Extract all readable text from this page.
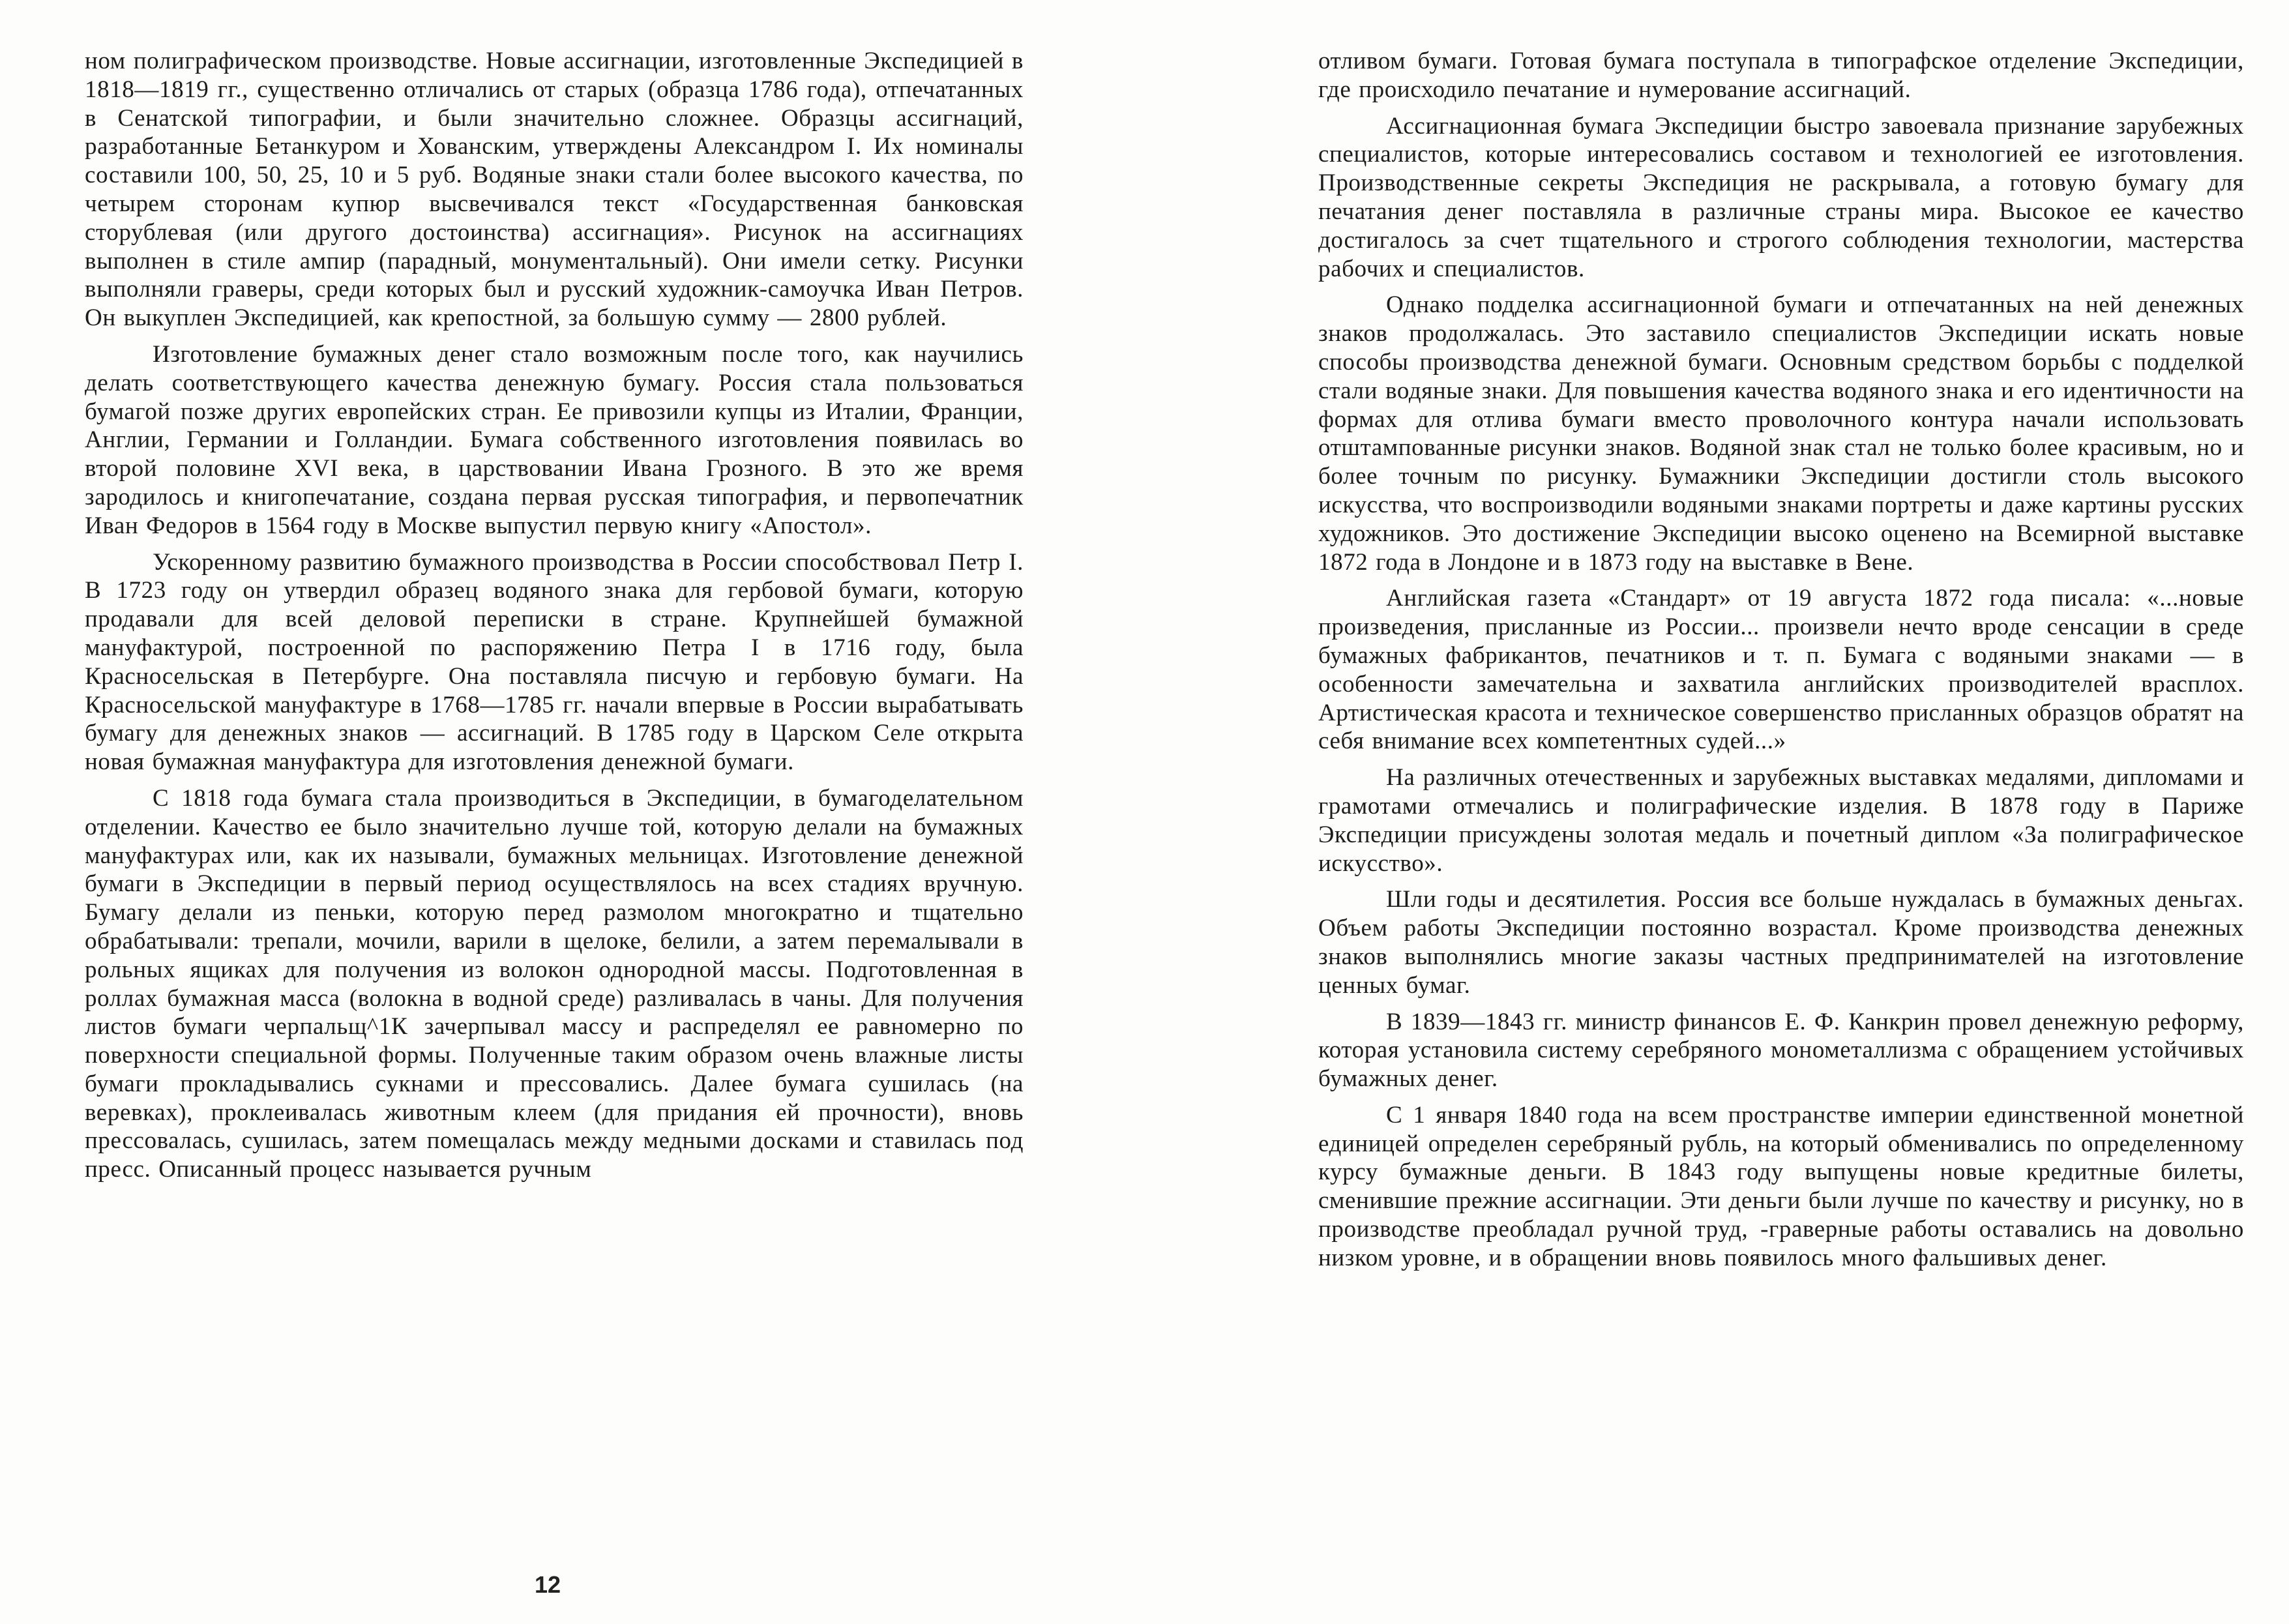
ном полиграфическом производстве. Новые ассигнации, изготовленные Экспедицией в 1818—1819 гг., существенно отличались от старых (образца 1786 года), отпечатанных в Сенатской типографии, и были значительно сложнее. Образцы ассигнаций, разработанные Бетанкуром и Хованским, утверждены Александром I. Их номиналы составили 100, 50, 25, 10 и 5 руб. Водяные знаки стали более высокого качества, по четырем сторонам купюр высвечивался текст «Государственная банковская сторублевая (или другого достоинства) ассигнация». Рисунок на ассигнациях выполнен в стиле ампир (парадный, монументальный). Они имели сетку. Рисунки выполняли граверы, среди которых был и русский художник-самоучка Иван Петров. Он выкуплен Экспедицией, как крепостной, за большую сумму — 2800 рублей.

Изготовление бумажных денег стало возможным после того, как научились делать соответствующего качества денежную бумагу. Россия стала пользоваться бумагой позже других европейских стран. Ее привозили купцы из Италии, Франции, Англии, Германии и Голландии. Бумага собственного изготовления появилась во второй половине XVI века, в царствовании Ивана Грозного. В это же время зародилось и книгопечатание, создана первая русская типография, и первопечатник Иван Федоров в 1564 году в Москве выпустил первую книгу «Апостол».

Ускоренному развитию бумажного производства в России способствовал Петр I. В 1723 году он утвердил образец водяного знака для гербовой бумаги, которую продавали для всей деловой переписки в стране. Крупнейшей бумажной мануфактурой, построенной по распоряжению Петра I в 1716 году, была Красносельская в Петербурге. Она поставляла писчую и гербовую бумаги. На Красносельской мануфактуре в 1768—1785 гг. начали впервые в России вырабатывать бумагу для денежных знаков — ассигнаций. В 1785 году в Царском Селе открыта новая бумажная мануфактура для изготовления денежной бумаги.

С 1818 года бумага стала производиться в Экспедиции, в бумагоделательном отделении. Качество ее было значительно лучше той, которую делали на бумажных мануфактурах или, как их называли, бумажных мельницах. Изготовление денежной бумаги в Экспедиции в первый период осуществлялось на всех стадиях вручную. Бумагу делали из пеньки, которую перед размолом многократно и тщательно обрабатывали: трепали, мочили, варили в щелоке, белили, а затем перемалывали в рольных ящиках для получения из волокон однородной массы. Подготовленная в роллах бумажная масса (волокна в водной среде) разливалась в чаны. Для получения листов бумаги черпальщ^1К зачерпывал массу и распределял ее равномерно по поверхности специальной формы. Полученные таким образом очень влажные листы бумаги прокладывались сукнами и прессовались. Далее бумага сушилась (на веревках), проклеивалась животным клеем (для придания ей прочности), вновь прессовалась, сушилась, затем помещалась между медными досками и ставилась под пресс. Описанный процесс называется ручным

12

отливом бумаги. Готовая бумага поступала в типографское отделение Экспедиции, где происходило печатание и нумерование ассигнаций.

Ассигнационная бумага Экспедиции быстро завоевала признание зарубежных специалистов, которые интересовались составом и технологией ее изготовления. Производственные секреты Экспедиция не раскрывала, а готовую бумагу для печатания денег поставляла в различные страны мира. Высокое ее качество достигалось за счет тщательного и строгого соблюдения технологии, мастерства рабочих и специалистов.

Однако подделка ассигнационной бумаги и отпечатанных на ней денежных знаков продолжалась. Это заставило специалистов Экспедиции искать новые способы производства денежной бумаги. Основным средством борьбы с подделкой стали водяные знаки. Для повышения качества водяного знака и его идентичности на формах для отлива бумаги вместо проволочного контура начали использовать отштампованные рисунки знаков. Водяной знак стал не только более красивым, но и более точным по рисунку. Бумажники Экспедиции достигли столь высокого искусства, что воспроизводили водяными знаками портреты и даже картины русских художников. Это достижение Экспедиции высоко оценено на Всемирной выставке 1872 года в Лондоне и в 1873 году на выставке в Вене.

Английская газета «Стандарт» от 19 августа 1872 года писала: «...новые произведения, присланные из России... произвели нечто вроде сенсации в среде бумажных фабрикантов, печатников и т. п. Бумага с водяными знаками — в особенности замечательна и захватила английских производителей врасплох. Артистическая красота и техническое совершенство присланных образцов обратят на себя внимание всех компетентных судей...»

На различных отечественных и зарубежных выставках медалями, дипломами и грамотами отмечались и полиграфические изделия. В 1878 году в Париже Экспедиции присуждены золотая медаль и почетный диплом «За полиграфическое искусство».

Шли годы и десятилетия. Россия все больше нуждалась в бумажных деньгах. Объем работы Экспедиции постоянно возрастал. Кроме производства денежных знаков выполнялись многие заказы частных предпринимателей на изготовление ценных бумаг.

В 1839—1843 гг. министр финансов Е. Ф. Канкрин провел денежную реформу, которая установила систему серебряного монометаллизма с обращением устойчивых бумажных денег.

С 1 января 1840 года на всем пространстве империи единственной монетной единицей определен серебряный рубль, на который обменивались по определенному курсу бумажные деньги. В 1843 году выпущены новые кредитные билеты, сменившие прежние ассигнации. Эти деньги были лучше по качеству и рисунку, но в производстве преобладал ручной труд, -граверные работы оставались на довольно низком уровне, и в обращении вновь появилось много фальшивых денег.
